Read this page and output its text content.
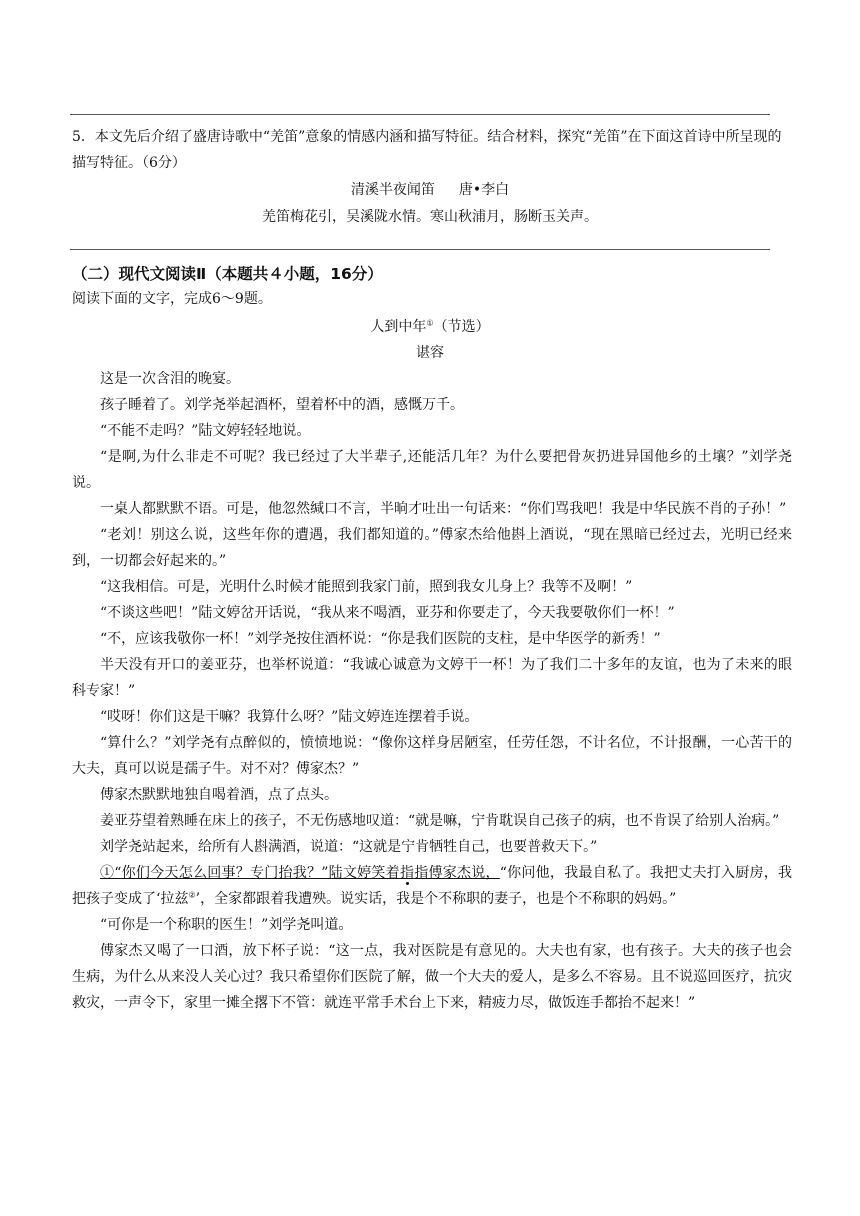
5．本文先后介绍了盛唐诗歌中“羌笛”意象的情感内涵和描写特征。结合材料，探究“羌笛”在下面这首诗中所呈现的描写特征。（6分）
清溪半夜闻笛 唐•李白
羌笛梅花引，吴溪陇水情。寒山秋浦月，肠断玉关声。
（二）现代文阅读Ⅱ（本题共４小题，16分）
阅读下面的文字，完成6～9题。
人到中年①（节选）
谌容

这是一次含泪的晚宴。

孩子睡着了。刘学尧举起酒杯，望着杯中的酒，感慨万千。

“不能不走吗？”陆文婷轻轻地说。

“是啊,为什么非走不可呢？我已经过了大半辈子,还能活几年？为什么要把骨灰扔进异国他乡的土壤？”刘学尧说。

一桌人都默默不语。可是，他忽然缄口不言，半晌才吐出一句话来：“你们骂我吧！我是中华民族不肖的子孙！”

“老刘！别这么说，这些年你的遭遇，我们都知道的。”傅家杰给他斟上酒说，“现在黑暗已经过去，光明已经来到，一切都会好起来的。”

“这我相信。可是，光明什么时候才能照到我家门前，照到我女儿身上？我等不及啊！”

“不谈这些吧！”陆文婷岔开话说，“我从来不喝酒，亚芬和你要走了，今天我要敬你们一杯！”

“不，应该我敬你一杯！”刘学尧按住酒杯说：“你是我们医院的支柱，是中华医学的新秀！”

半天没有开口的姜亚芬，也举杯说道：“我诚心诚意为文婷干一杯！为了我们二十多年的友谊，也为了未来的眼科专家！”

“哎呀！你们这是干嘛？我算什么呀？”陆文婷连连摆着手说。

“算什么？”刘学尧有点醉似的，愤愤地说：“像你这样身居陋室，任劳任怨，不计名位，不计报酬，一心苦干的大夫，真可以说是孺子牛。对不对？傅家杰？”

傅家杰默默地独自喝着酒，点了点头。

姜亚芬望着熟睡在床上的孩子，不无伤感地叹道：“就是嘛，宁肯耽误自己孩子的病，也不肯误了给别人治病。”

刘学尧站起来，给所有人斟满酒，说道：“这就是宁肯牺牲自己，也要普救天下。”

①“你们今天怎么回事？专门抬我？”陆文婷笑着指指傅家杰说，“你问他，我最自私了。我把丈夫打入厨房，我把孩子变成了‘拉兹②’，全家都跟着我遭殃。说实话，我是个不称职的妻子，也是个不称职的妈妈。”

“可你是一个称职的医生！”刘学尧叫道。

傅家杰又喝了一口酒，放下杯子说：“这一点，我对医院是有意见的。大夫也有家，也有孩子。大夫的孩子也会生病，为什么从来没人关心过？我只希望你们医院了解，做一个大夫的爱人，是多么不容易。且不说巡回医疗，抗灾救灾，一声令下，家里一摊全撂下不管：就连平常手术台上下来，精疲力尽，做饭连手都抬不起来！”
